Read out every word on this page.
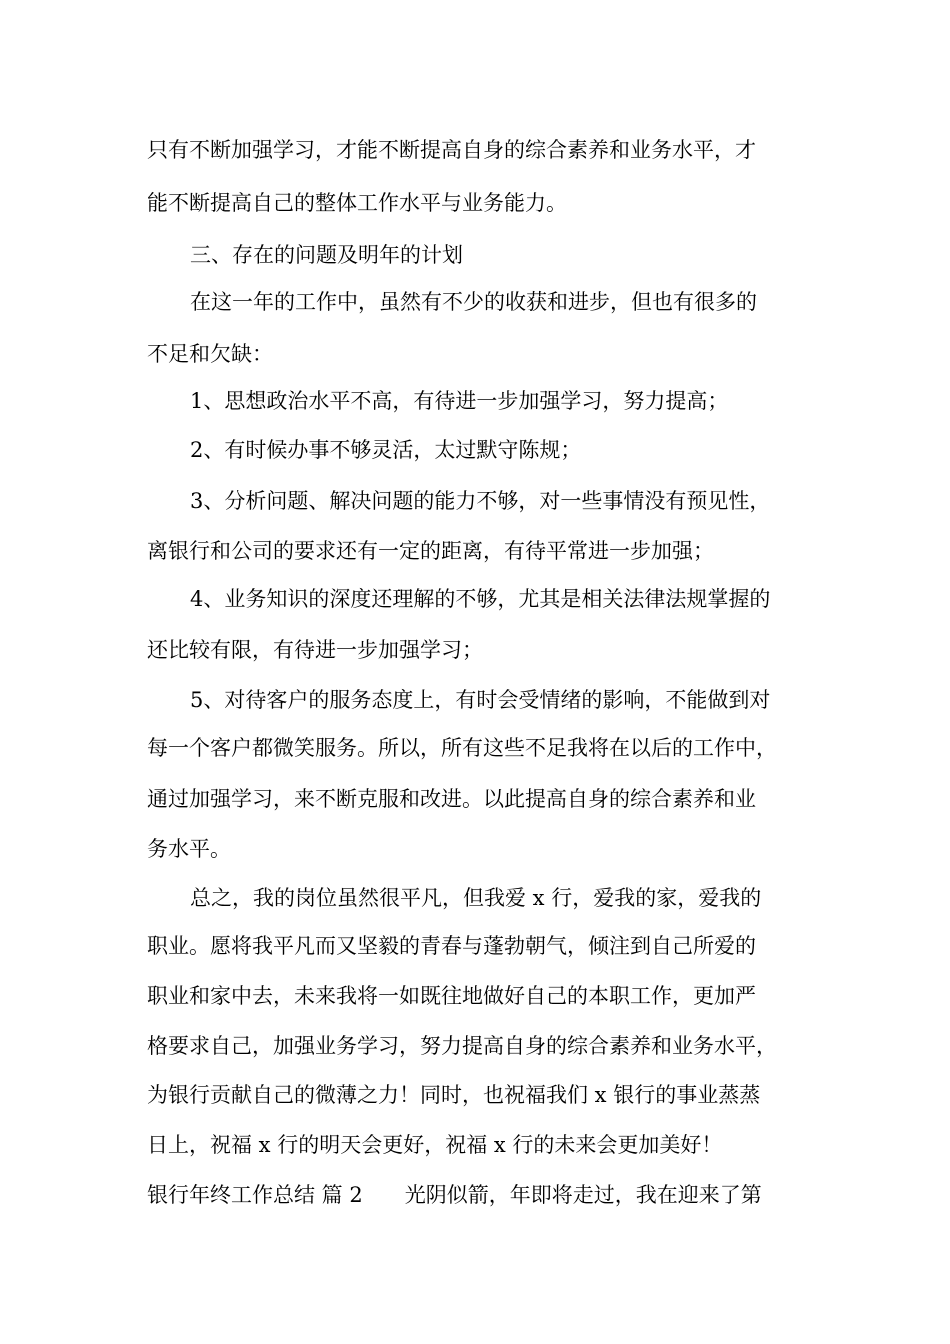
只有不断加强学习，才能不断提高自身的综合素养和业务水平，才
能不断提高自己的整体工作水平与业务能力。
三、存在的问题及明年的计划
在这一年的工作中，虽然有不少的收获和进步，但也有很多的
不足和欠缺：
1、思想政治水平不高，有待进一步加强学习，努力提高；
2、有时候办事不够灵活，太过默守陈规；
3、分析问题、解决问题的能力不够，对一些事情没有预见性，
离银行和公司的要求还有一定的距离，有待平常进一步加强；
4、业务知识的深度还理解的不够，尤其是相关法律法规掌握的
还比较有限，有待进一步加强学习；
5、对待客户的服务态度上，有时会受情绪的影响，不能做到对
每一个客户都微笑服务。所以，所有这些不足我将在以后的工作中，
通过加强学习，来不断克服和改进。以此提高自身的综合素养和业
务水平。
总之，我的岗位虽然很平凡，但我爱 x 行，爱我的家，爱我的
职业。愿将我平凡而又坚毅的青春与蓬勃朝气，倾注到自己所爱的
职业和家中去，未来我将一如既往地做好自己的本职工作，更加严
格要求自己，加强业务学习，努力提高自身的综合素养和业务水平，
为银行贡献自己的微薄之力！同时，也祝福我们 x 银行的事业蒸蒸
日上，祝福 x 行的明天会更好，祝福 x 行的未来会更加美好！
银行年终工作总结 篇 2　　光阴似箭，年即将走过，我在迎来了第
